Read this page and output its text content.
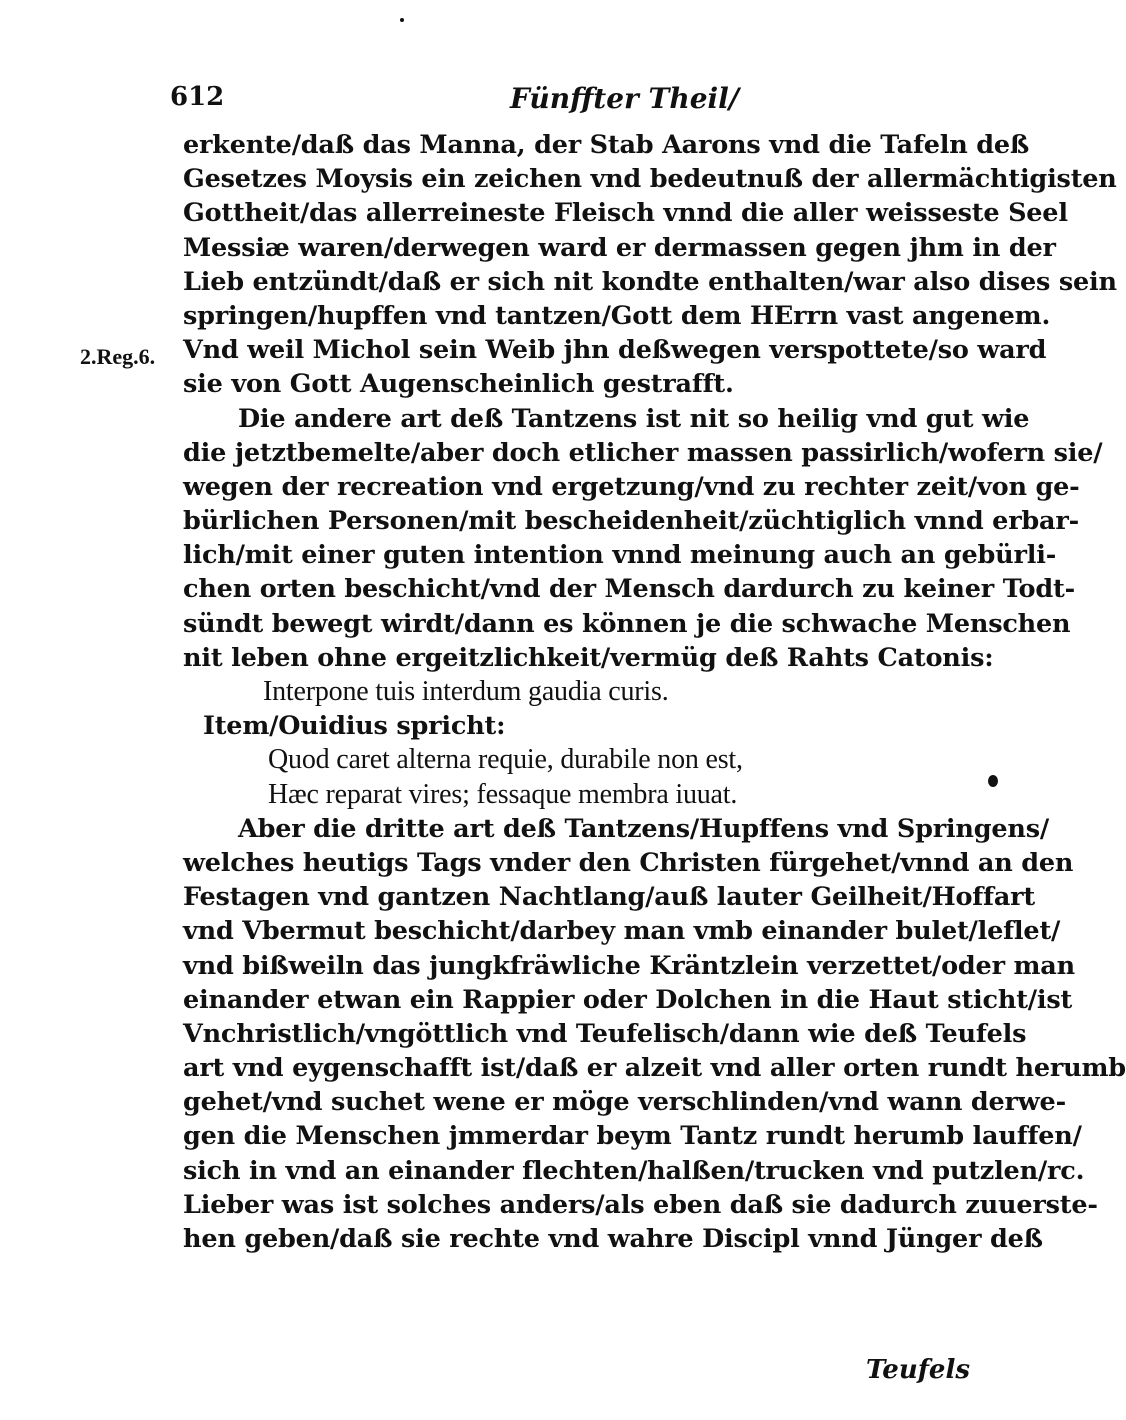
612	Fünffter Theil/
2.Reg.6.
erkente/daß das Manna, der Stab Aarons vnd die Tafeln deß
Gesetzes Moysis ein zeichen vnd bedeutnuß der allermächtigisten
Gottheit/das allerreineste Fleisch vnnd die aller weisseste Seel
Messiæ waren/derwegen ward er dermassen gegen jhm in der
Lieb entzündt/daß er sich nit kondte enthalten/war also dises sein
springen/hupffen vnd tantzen/Gott dem HErrn vast angenem.
Vnd weil Michol sein Weib jhn deßwegen verspottete/so ward
sie von Gott Augenscheinlich gestrafft.
Die andere art deß Tantzens ist nit so heilig vnd gut wie
die jetztbemelte/aber doch etlicher massen passirlich/wofern sie/
wegen der recreation vnd ergetzung/vnd zu rechter zeit/von ge-
bürlichen Personen/mit bescheidenheit/züchtiglich vnnd erbar-
lich/mit einer guten intention vnnd meinung auch an gebürli-
chen orten beschicht/vnd der Mensch dardurch zu keiner Todt-
sündt bewegt wirdt/dann es können je die schwache Menschen
nit leben ohne ergeitzlichkeit/vermüg deß Rahts Catonis:
Interpone tuis interdum gaudia curis.
Item/Ouidius spricht:
Quod caret alterna requie, durabile non est,
Hæc reparat vires; fessaque membra iuuat.
Aber die dritte art deß Tantzens/Hupffens vnd Springens/
welches heutigs Tags vnder den Christen fürgehet/vnnd an den
Festagen vnd gantzen Nachtlang/auß lauter Geilheit/Hoffart
vnd Vbermut beschicht/darbey man vmb einander bulet/leflet/
vnd bißweiln das jungkfräwliche Kräntzlein verzettet/oder man
einander etwan ein Rappier oder Dolchen in die Haut sticht/ist
Vnchristlich/vngöttlich vnd Teufelisch/dann wie deß Teufels
art vnd eygenschafft ist/daß er alzeit vnd aller orten rundt herumb
gehet/vnd suchet wene er möge verschlinden/vnd wann derwe-
gen die Menschen jmmerdar beym Tantz rundt herumb lauffen/
sich in vnd an einander flechten/halßen/trucken vnd putzlen/rc.
Lieber was ist solches anders/als eben daß sie dadurch zuuerste-
hen geben/daß sie rechte vnd wahre Discipl vnnd Jünger deß
Teufels
